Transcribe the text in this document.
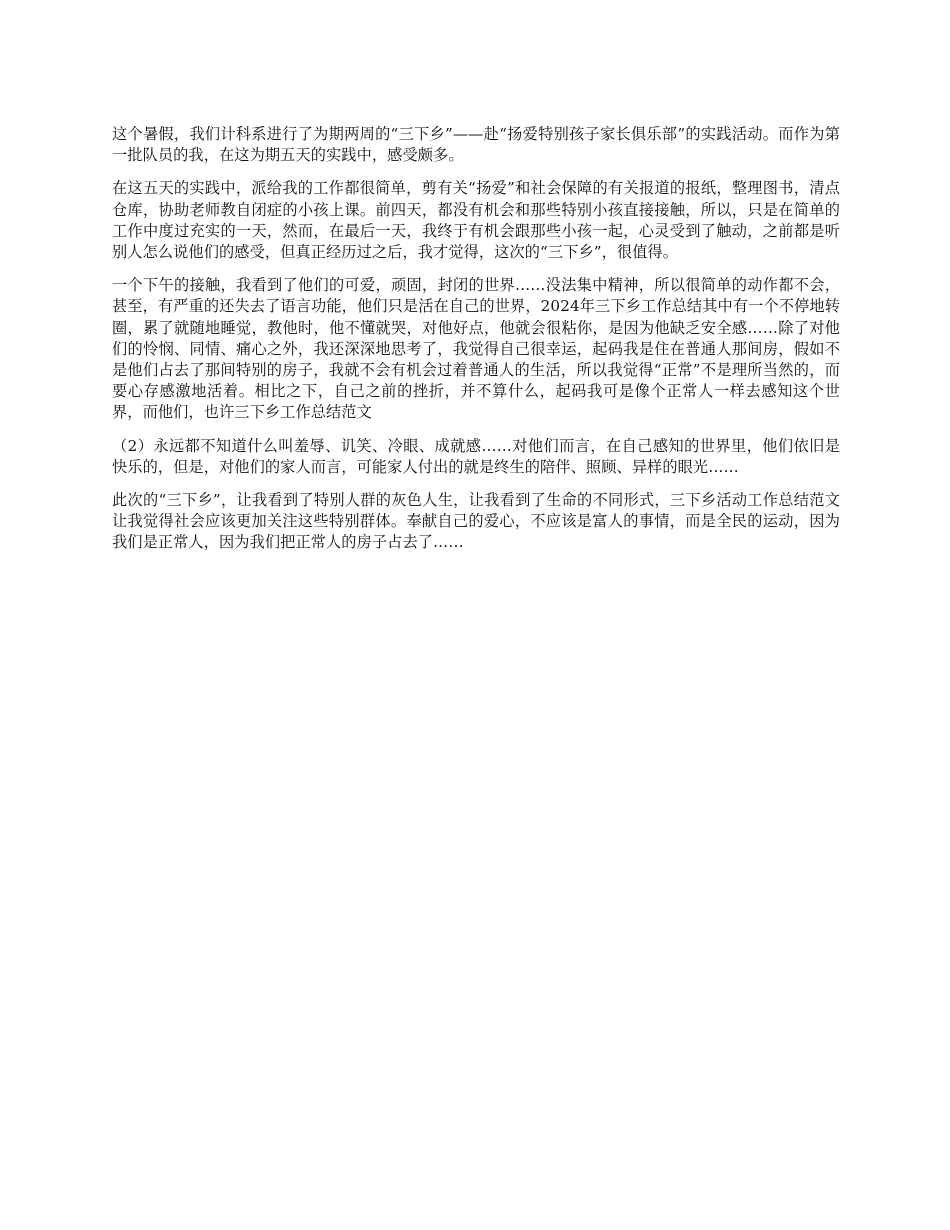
这个暑假，我们计科系进行了为期两周的“三下乡”——赴“扬爱特别孩子家长俱乐部”的实践活动。而作为第一批队员的我，在这为期五天的实践中，感受颇多。

在这五天的实践中，派给我的工作都很简单，剪有关“扬爱”和社会保障的有关报道的报纸，整理图书，清点仓库，协助老师教自闭症的小孩上课。前四天，都没有机会和那些特别小孩直接接触，所以，只是在简单的工作中度过充实的一天，然而，在最后一天，我终于有机会跟那些小孩一起，心灵受到了触动，之前都是听别人怎么说他们的感受，但真正经历过之后，我才觉得，这次的“三下乡”，很值得。

一个下午的接触，我看到了他们的可爱，顽固，封闭的世界……没法集中精神，所以很简单的动作都不会，甚至，有严重的还失去了语言功能，他们只是活在自己的世界，2024年三下乡工作总结其中有一个不停地转圈，累了就随地睡觉，教他时，他不懂就哭，对他好点，他就会很粘你，是因为他缺乏安全感……除了对他们的怜悯、同情、痛心之外，我还深深地思考了，我觉得自己很幸运，起码我是住在普通人那间房，假如不是他们占去了那间特别的房子，我就不会有机会过着普通人的生活，所以我觉得“正常”不是理所当然的，而要心存感激地活着。相比之下，自己之前的挫折，并不算什么，起码我可是像个正常人一样去感知这个世界，而他们，也许三下乡工作总结范文

（2）永远都不知道什么叫羞辱、讥笑、冷眼、成就感……对他们而言，在自己感知的世界里，他们依旧是快乐的，但是，对他们的家人而言，可能家人付出的就是终生的陪伴、照顾、异样的眼光……

此次的“三下乡”，让我看到了特别人群的灰色人生，让我看到了生命的不同形式，三下乡活动工作总结范文让我觉得社会应该更加关注这些特别群体。奉献自己的爱心，不应该是富人的事情，而是全民的运动，因为我们是正常人，因为我们把正常人的房子占去了……
